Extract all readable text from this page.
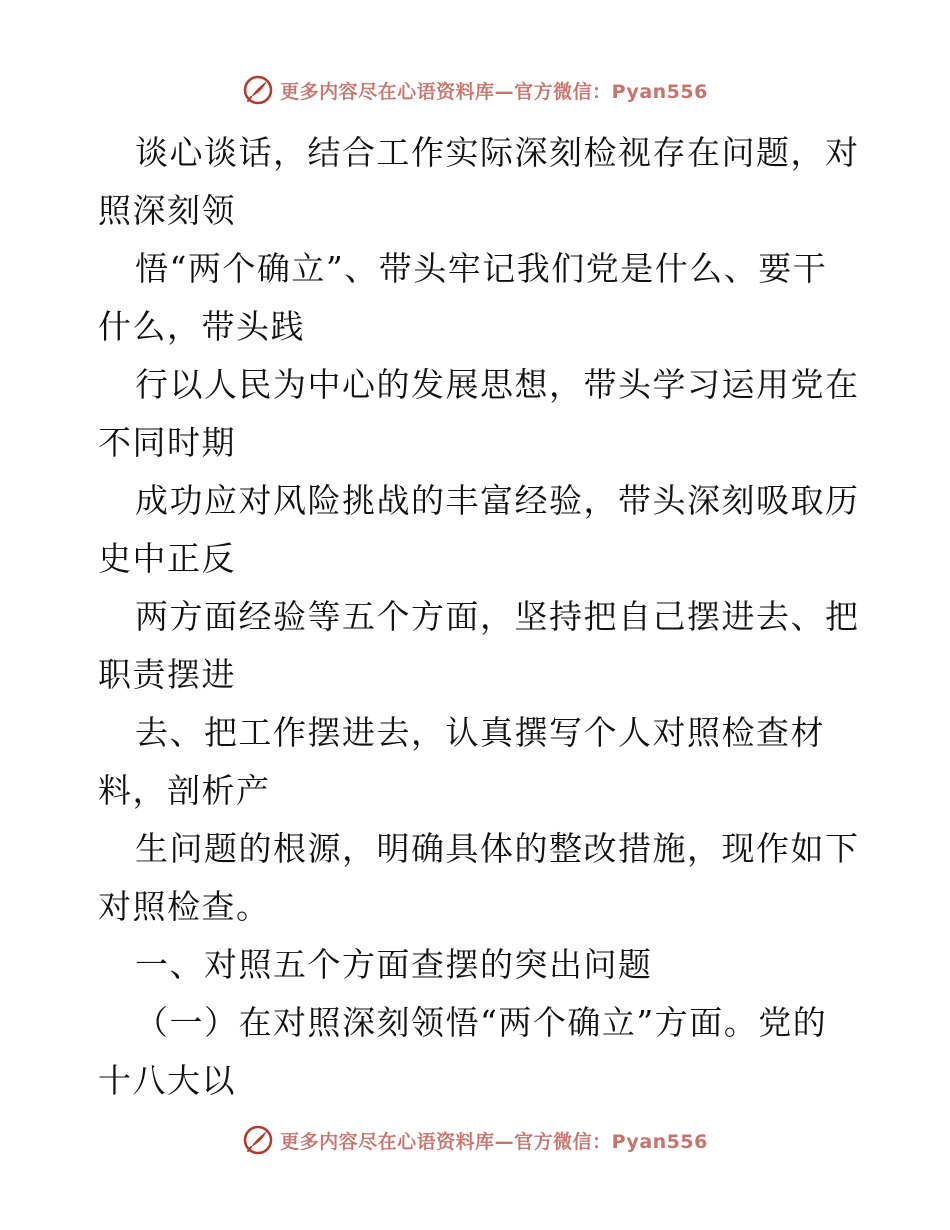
更多内容尽在心语资料库—官方微信：Pyan556
谈心谈话，结合工作实际深刻检视存在问题，对
照深刻领
悟“两个确立”、带头牢记我们党是什么、要干
什么，带头践
行以人民为中心的发展思想，带头学习运用党在
不同时期
成功应对风险挑战的丰富经验，带头深刻吸取历
史中正反
两方面经验等五个方面，坚持把自己摆进去、把
职责摆进
去、把工作摆进去，认真撰写个人对照检查材
料，剖析产
生问题的根源，明确具体的整改措施，现作如下
对照检查。
一、对照五个方面查摆的突出问题
（一）在对照深刻领悟“两个确立”方面。党的
十八大以
更多内容尽在心语资料库—官方微信：Pyan556
